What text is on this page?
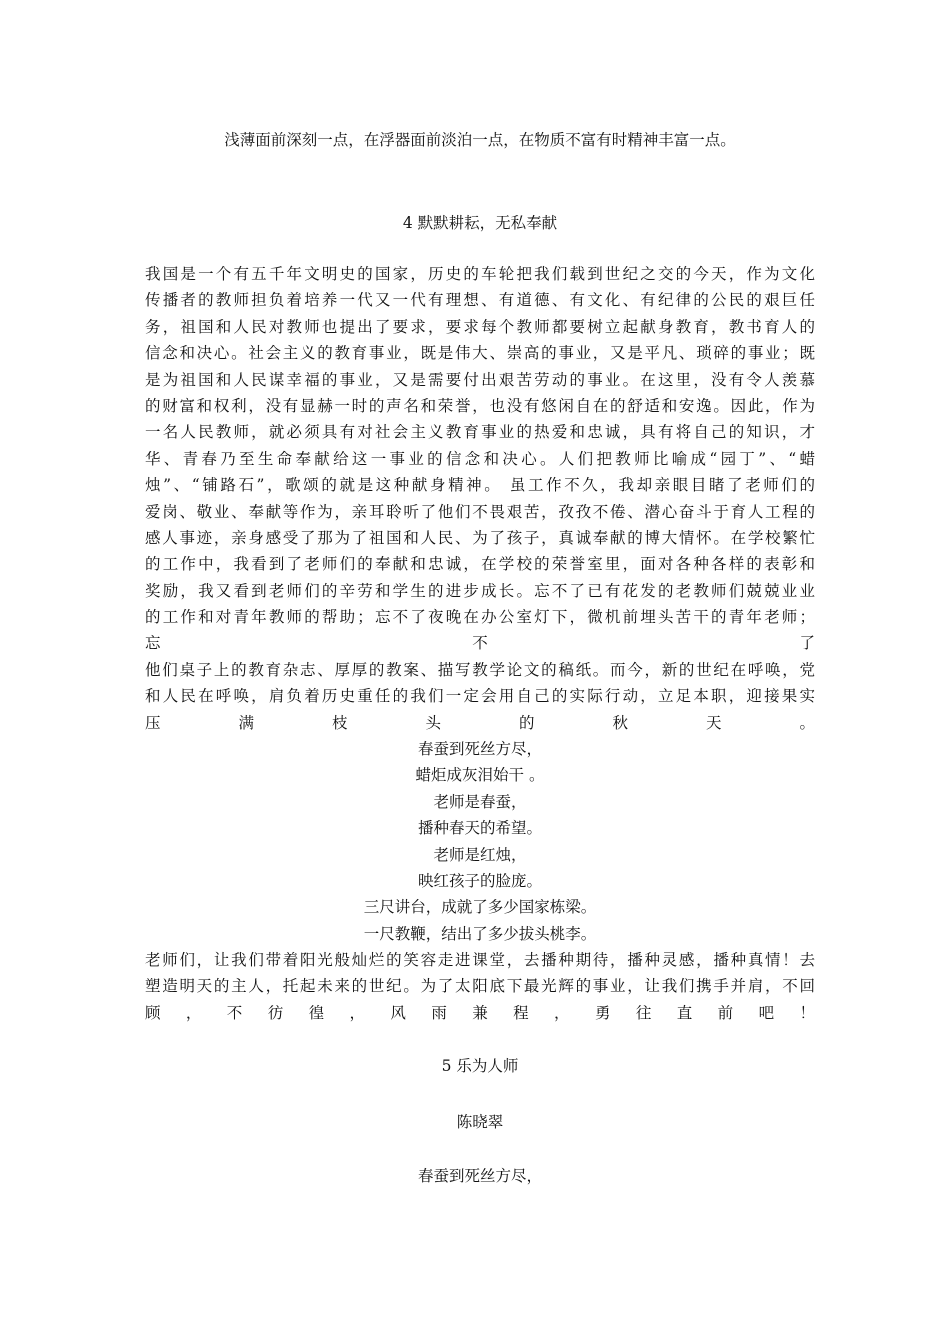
浅薄面前深刻一点，在浮器面前淡泊一点，在物质不富有时精神丰富一点。
4 默默耕耘，无私奉献
我国是一个有五千年文明史的国家，历史的车轮把我们载到世纪之交的今天，作为文化
传播者的教师担负着培养一代又一代有理想、有道德、有文化、有纪律的公民的艰巨任
务，祖国和人民对教师也提出了要求，要求每个教师都要树立起献身教育，教书育人的
信念和决心。社会主义的教育事业，既是伟大、崇高的事业，又是平凡、琐碎的事业；既
是为祖国和人民谋幸福的事业，又是需要付出艰苦劳动的事业。在这里，没有令人羡慕
的财富和权利，没有显赫一时的声名和荣誉，也没有悠闲自在的舒适和安逸。因此，作为
一名人民教师，就必须具有对社会主义教育事业的热爱和忠诚，具有将自己的知识，才
华、青春乃至生命奉献给这一事业的信念和决心。人们把教师比喻成“园丁”、“蜡
烛”、“铺路石”，歌颂的就是这种献身精神。 虽工作不久，我却亲眼目睹了老师们的
爱岗、敬业、奉献等作为，亲耳聆听了他们不畏艰苦，孜孜不倦、潜心奋斗于育人工程的
感人事迹，亲身感受了那为了祖国和人民、为了孩子，真诚奉献的博大情怀。在学校繁忙
的工作中，我看到了老师们的奉献和忠诚，在学校的荣誉室里，面对各种各样的表彰和
奖励，我又看到老师们的辛劳和学生的进步成长。忘不了已有花发的老教师们兢兢业业
的工作和对青年教师的帮助；忘不了夜晚在办公室灯下，微机前埋头苦干的青年老师；
忘不了
他们桌子上的教育杂志、厚厚的教案、描写教学论文的稿纸。而今，新的世纪在呼唤，党
和人民在呼唤，肩负着历史重任的我们一定会用自己的实际行动，立足本职，迎接果实
压满枝头的秋天。
春蚕到死丝方尽，
蜡炬成灰泪始干 。
老师是春蚕，
播种春天的希望。
老师是红烛，
映红孩子的脸庞。
三尺讲台，成就了多少国家栋梁。
一尺教鞭，结出了多少拔头桃李。
老师们，让我们带着阳光般灿烂的笑容走进课堂，去播种期待，播种灵感，播种真情！去
塑造明天的主人，托起未来的世纪。为了太阳底下最光辉的事业，让我们携手并肩，不回
顾，不彷徨，风雨兼程，勇往直前吧！
5 乐为人师
陈晓翠
春蚕到死丝方尽，
